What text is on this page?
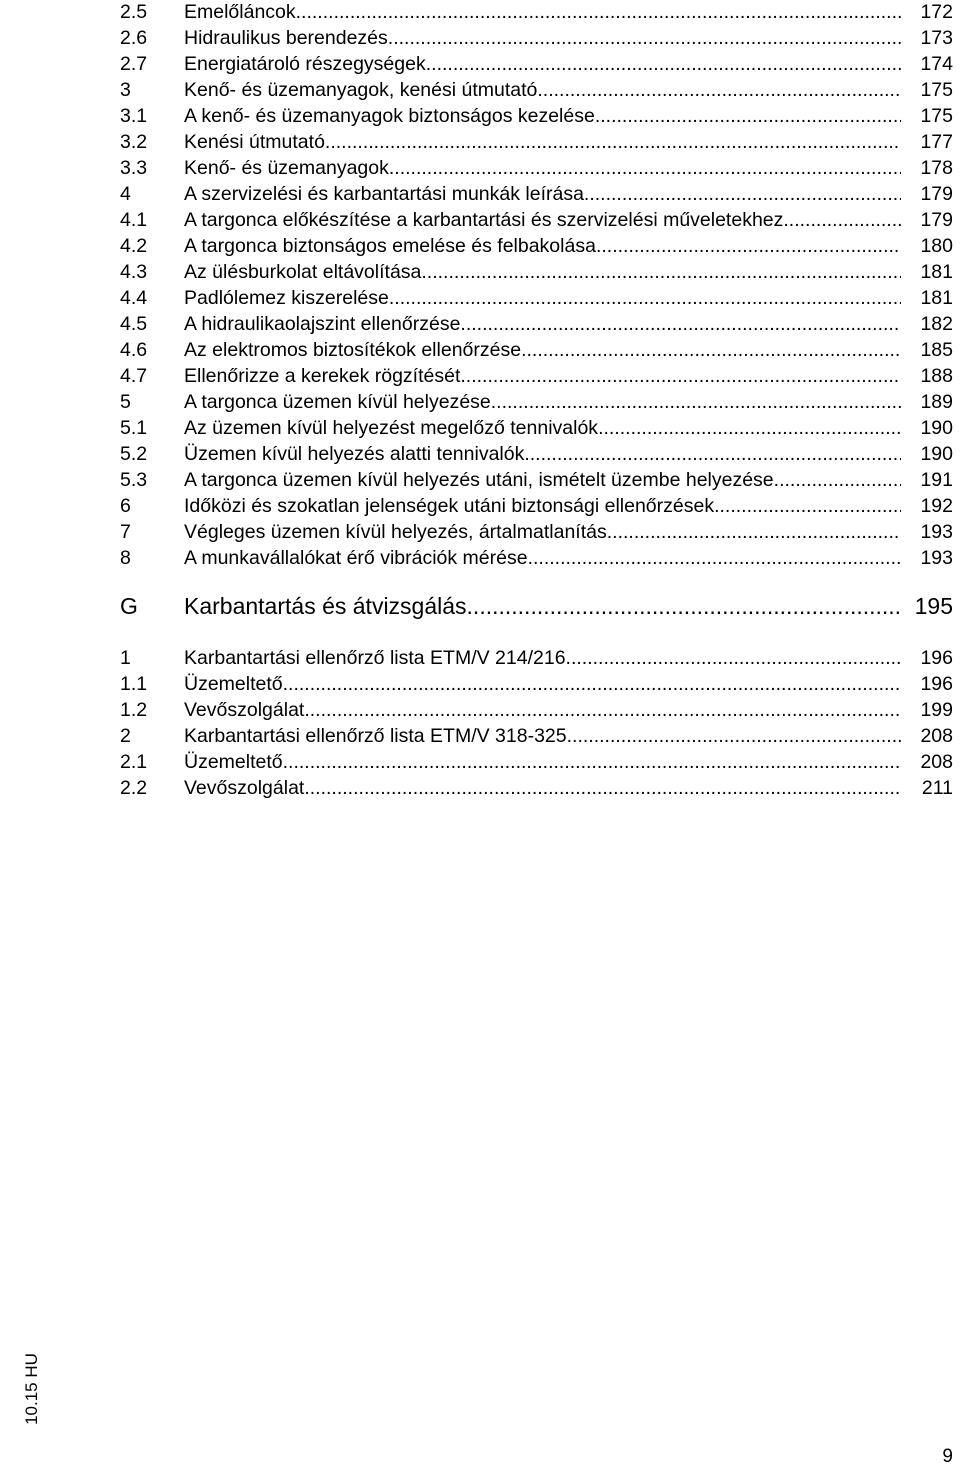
2.5	Emelőláncok .....	172
2.6	Hidraulikus berendezés .....	173
2.7	Energiatároló részegységek .....	174
3	Kenő- és üzemanyagok, kenési útmutató .....	175
3.1	A kenő- és üzemanyagok biztonságos kezelése .....	175
3.2	Kenési útmutató .....	177
3.3	Kenő- és üzemanyagok .....	178
4	A szervizelési és karbantartási munkák leírása .....	179
4.1	A targonca előkészítése a karbantartási és szervizelési műveletekhez .....	179
4.2	A targonca biztonságos emelése és felbakolása .....	180
4.3	Az ülésburkolat eltávolítása .....	181
4.4	Padlólemez kiszerelése .....	181
4.5	A hidraulikaolajszint ellenőrzése .....	182
4.6	Az elektromos biztosítékok ellenőrzése .....	185
4.7	Ellenőrizze a kerekek rögzítését .....	188
5	A targonca üzemen kívül helyezése .....	189
5.1	Az üzemen kívül helyezést megelőző tennivalók .....	190
5.2	Üzemen kívül helyezés alatti tennivalók .....	190
5.3	A targonca üzemen kívül helyezés utáni, ismételt üzembe helyezése .....	191
6	Időközi és szokatlan jelenségek utáni biztonsági ellenőrzések .....	192
7	Végleges üzemen kívül helyezés, ártalmatlanítás .....	193
8	A munkavállalókat érő vibrációk mérése .....	193
G	Karbantartás és átvizsgálás .....	195
1	Karbantartási ellenőrző lista ETM/V 214/216 .....	196
1.1	Üzemeltető .....	196
1.2	Vevőszolgálat .....	199
2	Karbantartási ellenőrző lista ETM/V 318-325 .....	208
2.1	Üzemeltető .....	208
2.2	Vevőszolgálat .....	211
10.15 HU
9
